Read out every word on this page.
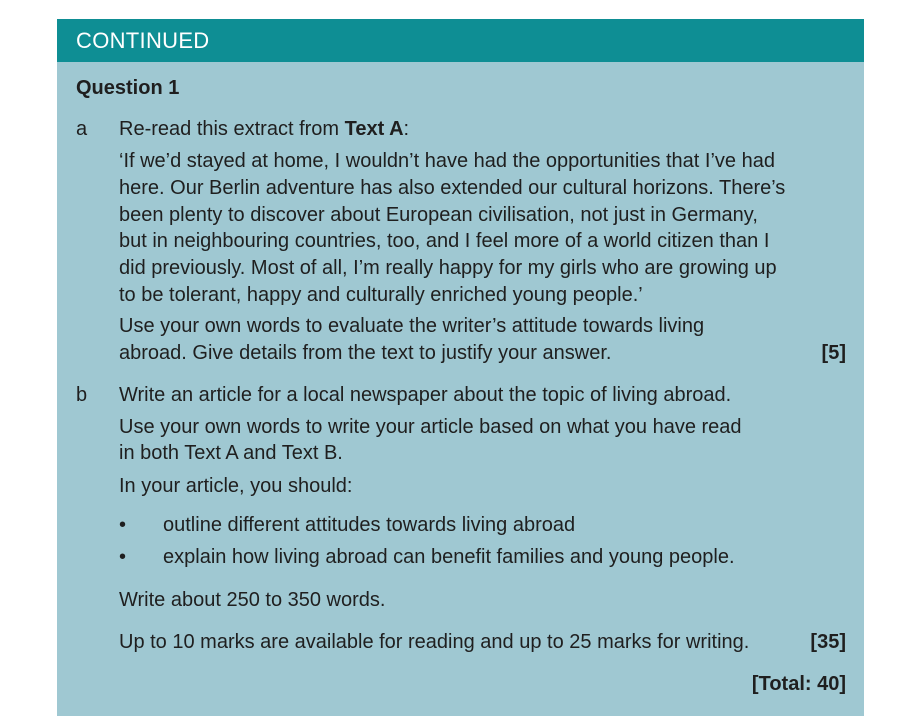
CONTINUED
Question 1
a Re-read this extract from Text A:
‘If we’d stayed at home, I wouldn’t have had the opportunities that I’ve had
here. Our Berlin adventure has also extended our cultural horizons. There’s
been plenty to discover about European civilisation, not just in Germany,
but in neighbouring countries, too, and I feel more of a world citizen than I
did previously. Most of all, I’m really happy for my girls who are growing up
to be tolerant, happy and culturally enriched young people.’
Use your own words to evaluate the writer’s attitude towards living
abroad. Give details from the text to justify your answer.	[5]
b Write an article for a local newspaper about the topic of living abroad.
Use your own words to write your article based on what you have read
in both Text A and Text B.
In your article, you should:
• outline different attitudes towards living abroad
• explain how living abroad can benefit families and young people.
Write about 250 to 350 words.
Up to 10 marks are available for reading and up to 25 marks for writing.	[35]
[Total: 40]
